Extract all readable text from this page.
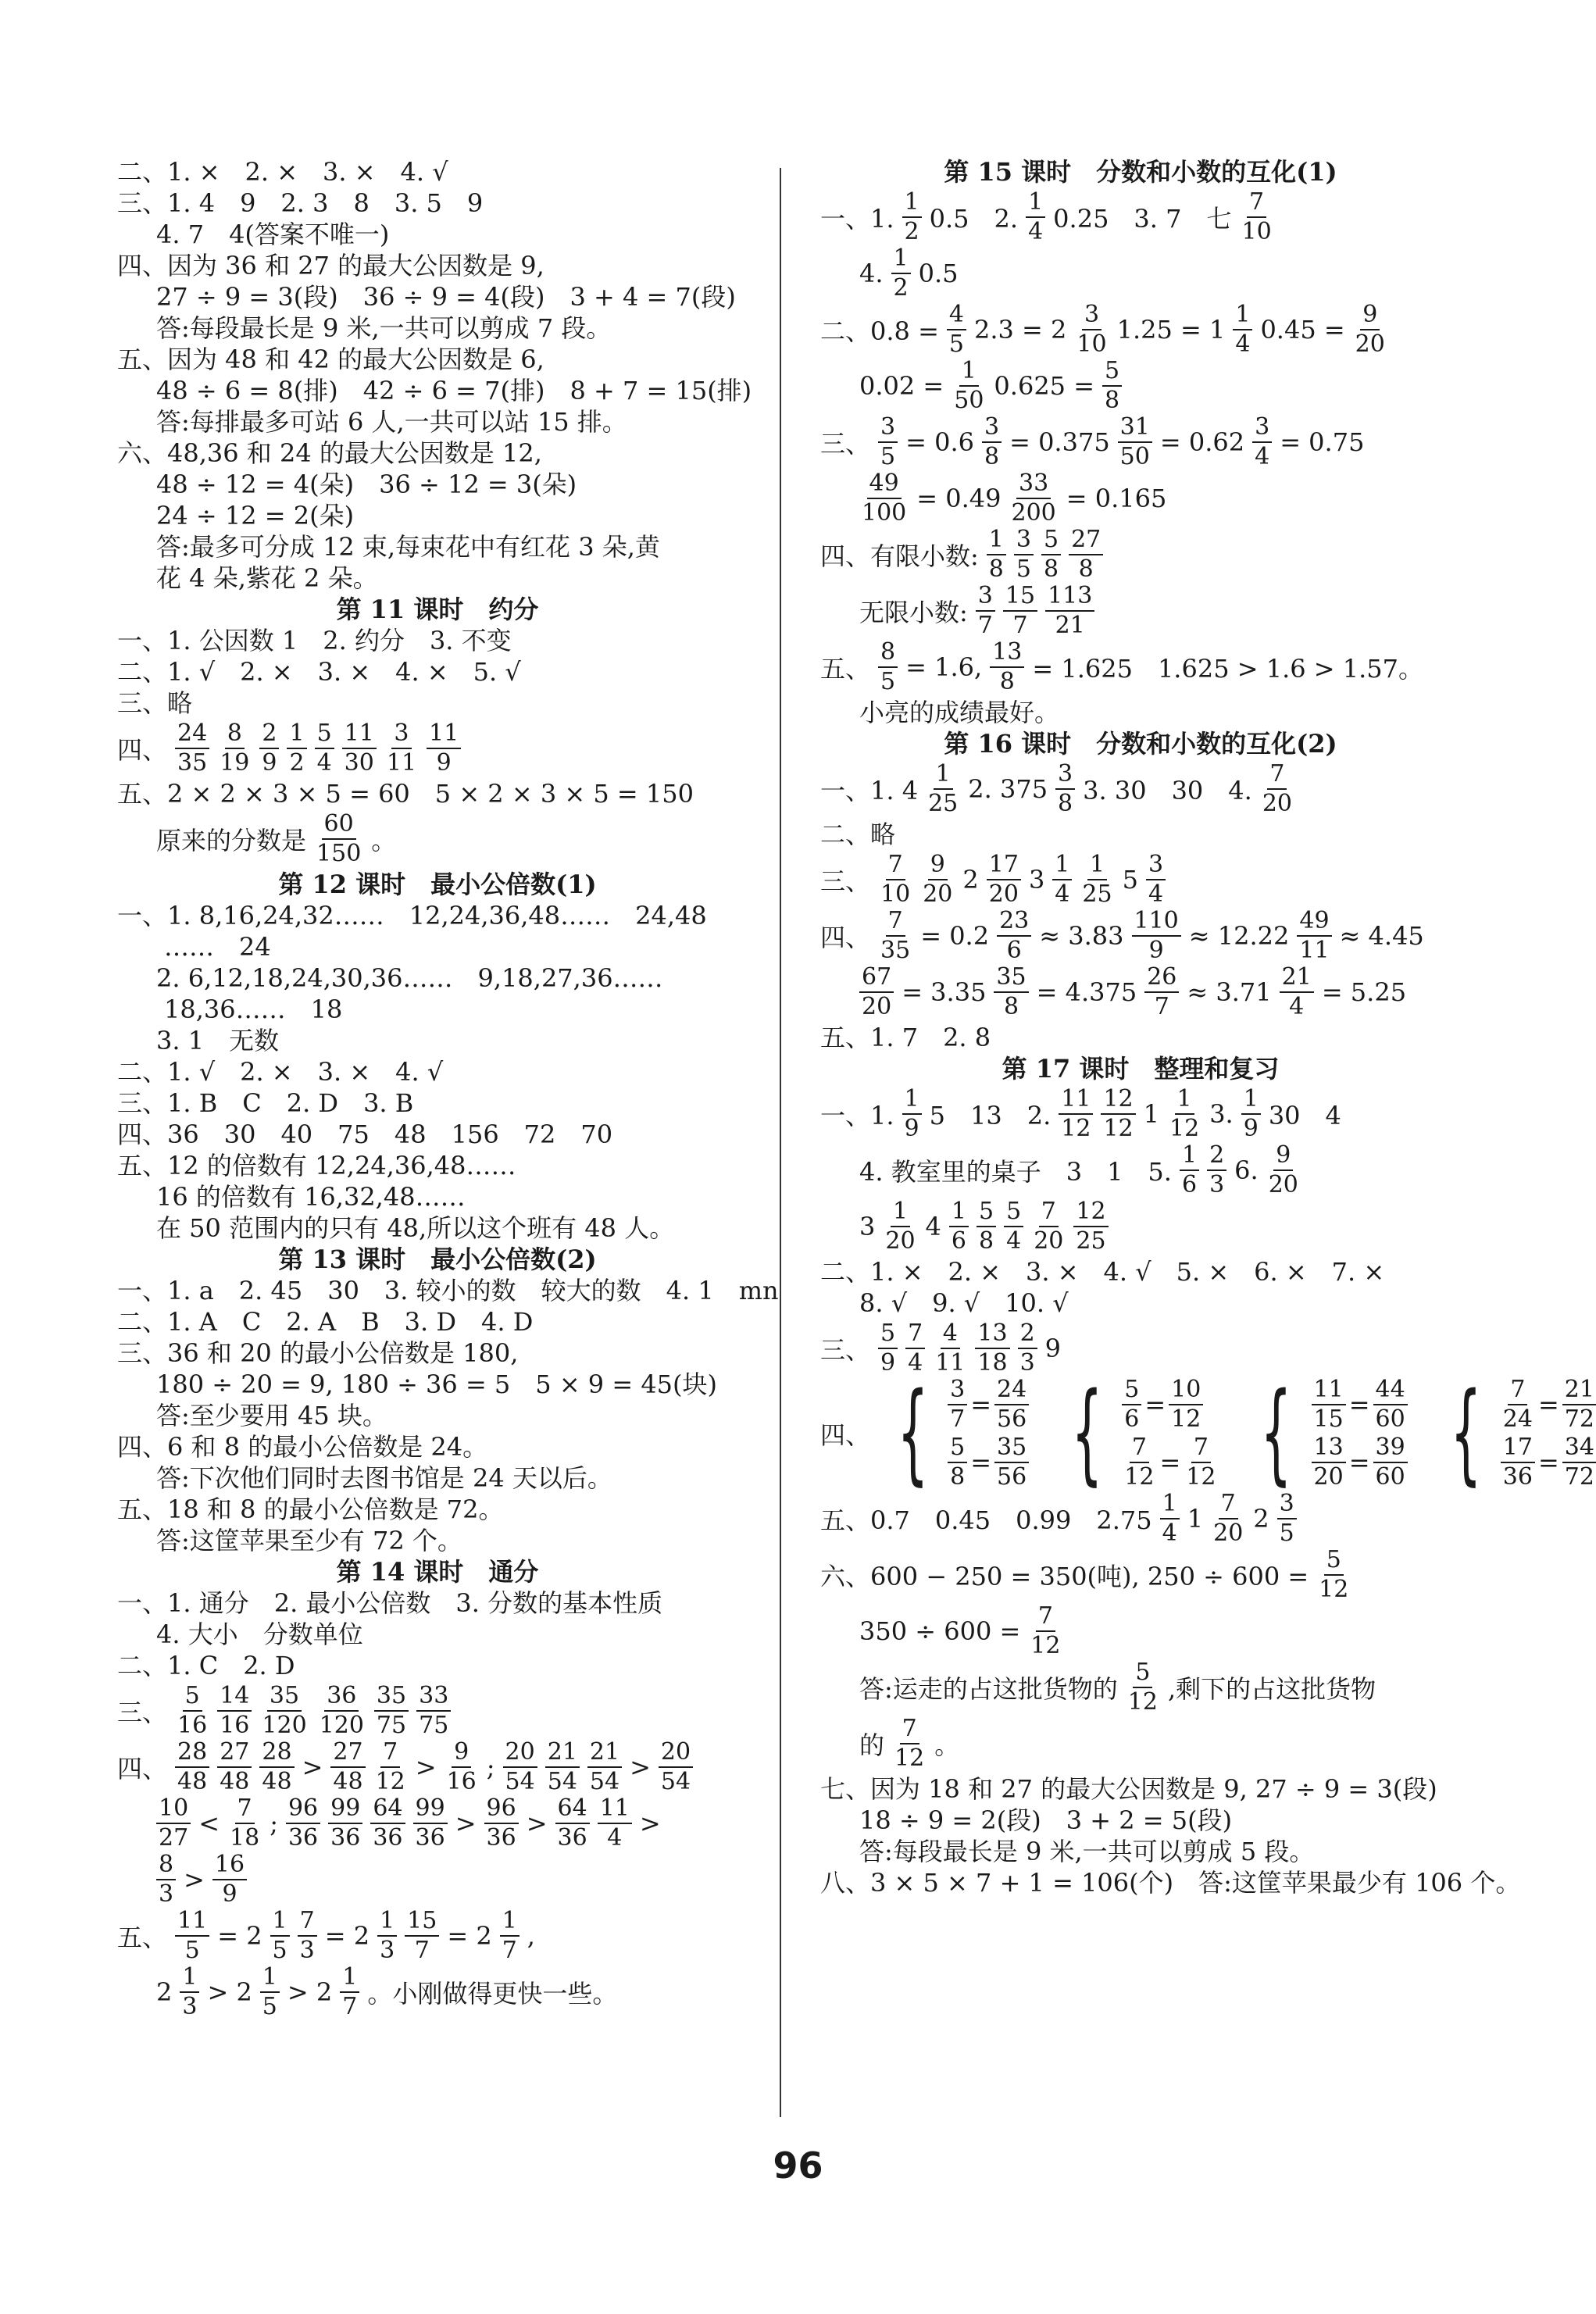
二、1. ×　2. ×　3. ×　4. √
三、1. 4　9　2. 3　8　3. 5　9
4. 7　4(答案不唯一)
四、因为 36 和 27 的最大公因数是 9,
27 ÷ 9 = 3(段)　36 ÷ 9 = 4(段)　3 + 4 = 7(段)
答:每段最长是 9 米,一共可以剪成 7 段。
五、因为 48 和 42 的最大公因数是 6,
48 ÷ 6 = 8(排)　42 ÷ 6 = 7(排)　8 + 7 = 15(排)
答:每排最多可站 6 人,一共可以站 15 排。
六、48,36 和 24 的最大公因数是 12,
48 ÷ 12 = 4(朵)　36 ÷ 12 = 3(朵)
24 ÷ 12 = 2(朵)
答:最多可分成 12 束,每束花中有红花 3 朵,黄
花 4 朵,紫花 2 朵。
第 11 课时　约分
一、1. 公因数 1　2. 约分　3. 不变
二、1. √　2. ×　3. ×　4. ×　5. √
三、略
四、
24
35
8
19
2
9
1
2
5
4
11
30
3
11
11
9
五、2 × 2 × 3 × 5 = 60　5 × 2 × 3 × 5 = 150
原来的分数是
60
150 。
第 12 课时　最小公倍数(1)
一、1. 8,16,24,32……　12,24,36,48……　24,48
……　24
2. 6,12,18,24,30,36……　9,18,27,36……
18,36……　18
3. 1　无数
二、1. √　2. ×　3. ×　4. √
三、1. B　C　2. D　3. B
四、36　30　40　75　48　156　72　70
五、12 的倍数有 12,24,36,48……
16 的倍数有 16,32,48……
在 50 范围内的只有 48,所以这个班有 48 人。
第 13 课时　最小公倍数(2)
一、1. a　2. 45　30　3. 较小的数　较大的数　4. 1　mn
二、1. A　C　2. A　B　3. D　4. D
三、36 和 20 的最小公倍数是 180,
180 ÷ 20 = 9, 180 ÷ 36 = 5　5 × 9 = 45(块)
答:至少要用 45 块。
四、6 和 8 的最小公倍数是 24。
答:下次他们同时去图书馆是 24 天以后。
五、18 和 8 的最小公倍数是 72。
答:这筐苹果至少有 72 个。
第 14 课时　通分
一、1. 通分　2. 最小公倍数　3. 分数的基本性质
4. 大小　分数单位
二、1. C　2. D
三、
5
16
14
16
35
120
36
120
35
75
33
75
四、
28
48
27
48
28
48 >
27
48
7
12 >
9
16 ;
20
54
21
54
21
54 >
20
54
10
27 <
7
18 ;
96
36
99
36
64
36
99
36 >
96
36 >
64
36
11
4 >
8
3 >
16
9
五、 $\frac{11}{5} = 2$
1
$5 \frac{7}{3} = 2$
1
$3 \frac{15}{7} = 2$
1
7 ,
2
1
3 > 2
1
5 > 2
1
7 。小刚做得更快一些。
第 15 课时　分数和小数的互化(1)
一、1.
1
2 0.5　2.
1
4 0.25　3. 7　七
7
10
4.
1
2 0.5
二、$0.8 = \frac{4}{5} 2.3 = 2$
3
10 1.25 = 1
1
4 $0.45 = \frac{9}{20}$
$0.02 = \frac{1}{50} 0.625 = \frac{5}{8}$
三、 $\frac{3}{5} = 0.6 \frac{3}{8} = 0.375 \frac{31}{50} = 0.62 \frac{3}{4} = 0.75$
$\frac{49}{100} = 0.49 \frac{33}{200} = 0.165$
四、有限小数:
1
8
3
5
5
8
27
8
无限小数:
3
7
15
7
113
21
五、 $\frac{8}{5} = 1.6$, $\frac{13}{8} = 1.625$　1.625 > 1.6 > 1.57。
小亮的成绩最好。
第 16 课时　分数和小数的互化(2)
一、1. 4
1
25 2. 375
3
8 3. 30　30　4.
7
20
二、略
三、
7
10
9
20 2
17
20 3
1
4
1
25 5
3
4
四、 $\frac{7}{35} = 0.2 \frac{23}{6} \approx 3.83 \frac{110}{9} \approx 12.22 \frac{49}{11} \approx 4.45$
$\frac{67}{20} = 3.35 \frac{35}{8} = 4.375 \frac{26}{7} \approx 3.71 \frac{21}{4} = 5.25$
五、1. 7　2. 8
第 17 课时　整理和复习
一、1.
1
9 5　13　2.
11
12
12
12 1
1
12 3.
1
9 30　4
4. 教室里的桌子　3　1　5.
1
6
2
3 6.
9
20
3
1
20 4
1
6
5
8
5
4
7
20
12
25
二、1. ×　2. ×　3. ×　4. √　5. ×　6. ×　7. ×
8. √　9. √　10. √
三、
5
9
7
4
4
11
13
18
2
3 9
四、 { $\frac{3}{7} = \frac{24}{56}$
$\frac{5}{8} = \frac{35}{56}$ { $\frac{5}{6} = \frac{10}{12}$
$\frac{7}{12} = \frac{7}{12}$ { $\frac{11}{15} = \frac{44}{60}$
$\frac{13}{20} = \frac{39}{60}$ { $\frac{7}{24} = \frac{21}{72}$
$\frac{17}{36} = \frac{34}{72}$
五、0.7　0.45　0.99　2.75
1
4 1
7
20 2
3
5
六、600 − 250 = 350(吨), $250 \div 600 = \frac{5}{12}$
$350 \div 600 = \frac{7}{12}$
答:运走的占这批货物的
5
12 ,剩下的占这批货物
的
7
12 。
七、因为 18 和 27 的最大公因数是 9, 27 ÷ 9 = 3(段)
18 ÷ 9 = 2(段)　3 + 2 = 5(段)
答:每段最长是 9 米,一共可以剪成 5 段。
八、3 × 5 × 7 + 1 = 106(个)　答:这筐苹果最少有 106 个。
96
